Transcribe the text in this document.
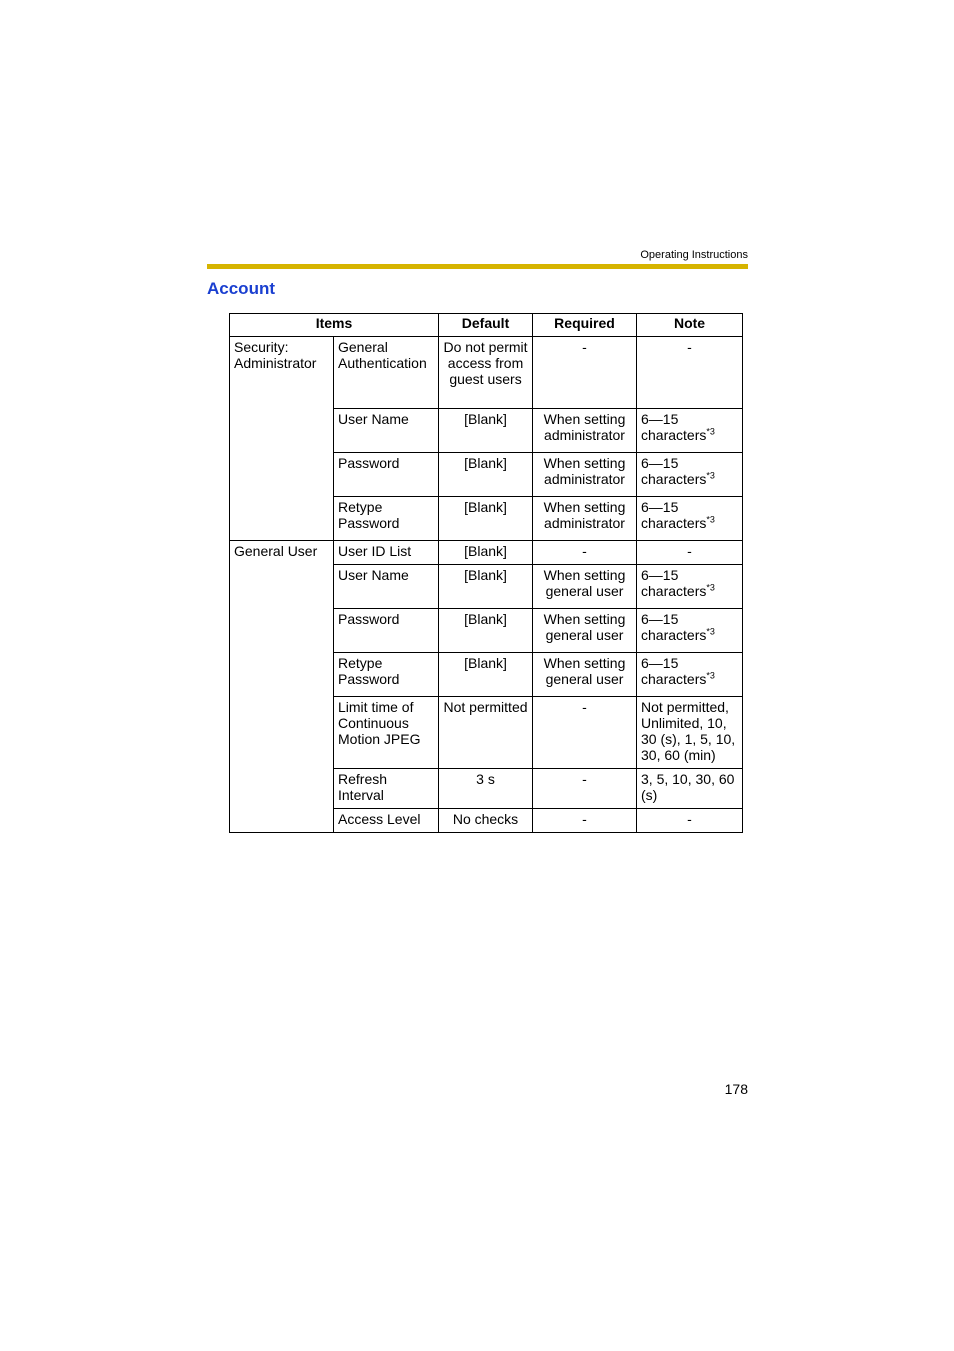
Operating Instructions
Account
Items		Default	Required	Note
Security: Administrator	General Authentication	Do not permit access from guest users	-	-
	User Name	[Blank]	When setting administrator	6—15 characters$^{*3}$
	Password	[Blank]	When setting administrator	6—15 characters$^{*3}$
	Retype Password	[Blank]	When setting administrator	6—15 characters$^{*3}$
General User	User ID List	[Blank]	-	-
	User Name	[Blank]	When setting general user	6—15 characters$^{*3}$
	Password	[Blank]	When setting general user	6—15 characters$^{*3}$
	Retype Password	[Blank]	When setting general user	6—15 characters$^{*3}$
	Limit time of Continuous Motion JPEG	Not permitted	-	Not permitted, Unlimited, 10, 30 (s), 1, 5, 10, 30, 60 (min)
	Refresh Interval	3 s	-	3, 5, 10, 30, 60 (s)
	Access Level	No checks	-	-
178
